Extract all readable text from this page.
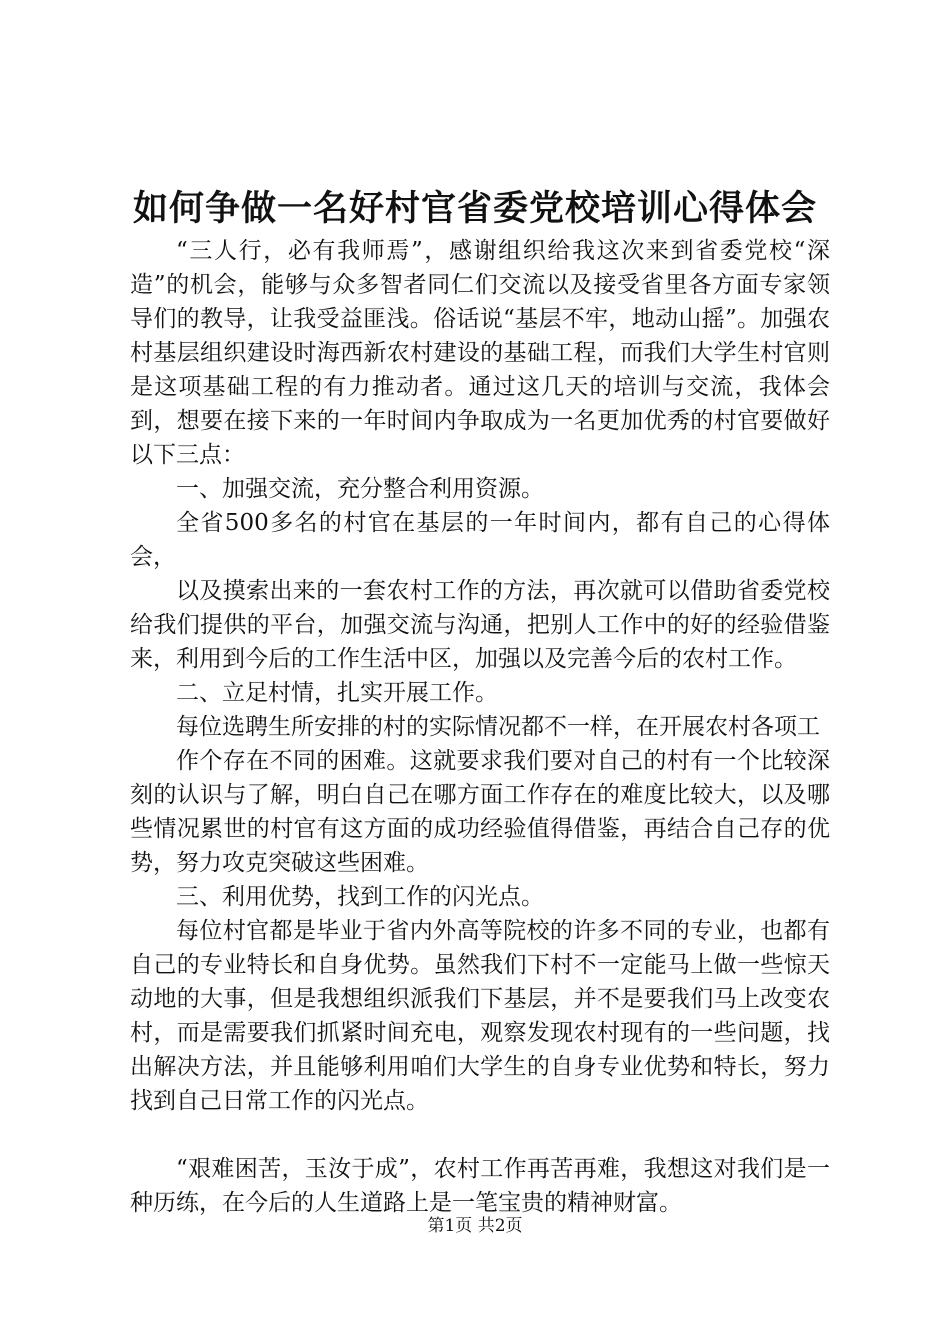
如何争做一名好村官省委党校培训心得体会

“三人行，必有我师焉”，感谢组织给我这次来到省委党校“深造”的机会，能够与众多智者同仁们交流以及接受省里各方面专家领导们的教导，让我受益匪浅。俗话说“基层不牢，地动山摇”。加强农村基层组织建设时海西新农村建设的基础工程，而我们大学生村官则是这项基础工程的有力推动者。通过这几天的培训与交流，我体会到，想要在接下来的一年时间内争取成为一名更加优秀的村官要做好以下三点：

一、加强交流，充分整合利用资源。

全省500多名的村官在基层的一年时间内，都有自己的心得体会，

以及摸索出来的一套农村工作的方法，再次就可以借助省委党校给我们提供的平台，加强交流与沟通，把别人工作中的好的经验借鉴来，利用到今后的工作生活中区，加强以及完善今后的农村工作。

二、立足村情，扎实开展工作。

每位选聘生所安排的村的实际情况都不一样，在开展农村各项工

作个存在不同的困难。这就要求我们要对自己的村有一个比较深刻的认识与了解，明白自己在哪方面工作存在的难度比较大，以及哪些情况累世的村官有这方面的成功经验值得借鉴，再结合自己存的优势，努力攻克突破这些困难。

三、利用优势，找到工作的闪光点。

每位村官都是毕业于省内外高等院校的许多不同的专业，也都有自己的专业特长和自身优势。虽然我们下村不一定能马上做一些惊天动地的大事，但是我想组织派我们下基层，并不是要我们马上改变农村，而是需要我们抓紧时间充电，观察发现农村现有的一些问题，找出解决方法，并且能够利用咱们大学生的自身专业优势和特长，努力找到自己日常工作的闪光点。

“艰难困苦，玉汝于成”，农村工作再苦再难，我想这对我们是一种历练，在今后的人生道路上是一笔宝贵的精神财富。

第1页 共2页
